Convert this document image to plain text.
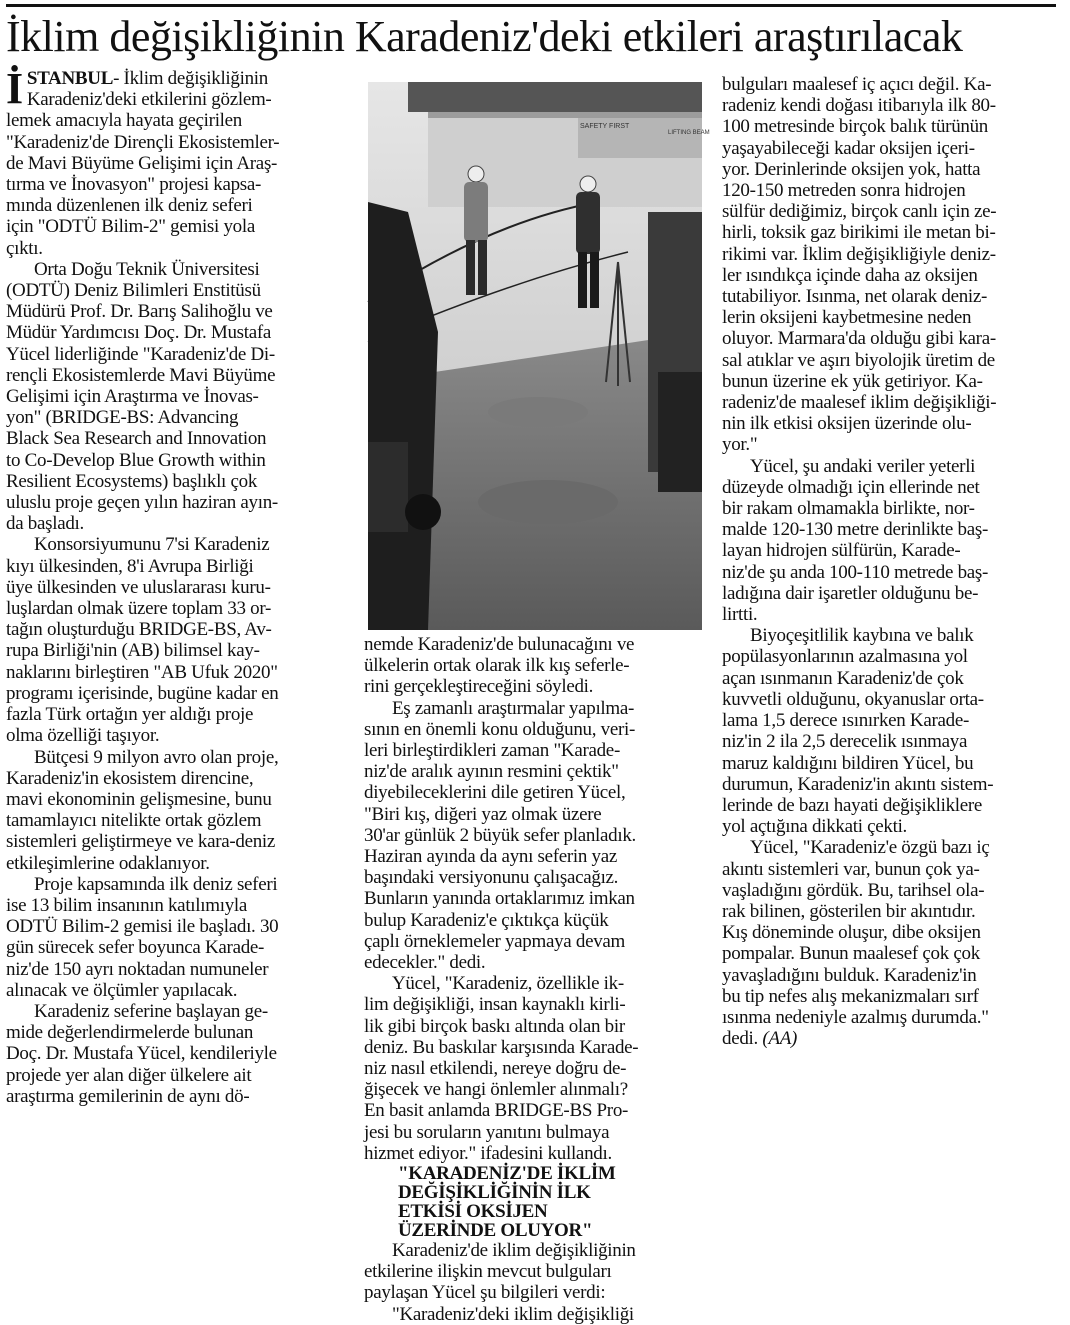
İklim değişikliğinin Karadeniz'deki etkileri araştırılacak

İSTANBUL- İklim değişikliğinin
Karadeniz'deki etkilerini gözlem-
lemek amacıyla hayata geçirilen
"Karadeniz'de Dirençli Ekosistemler-
de Mavi Büyüme Gelişimi için Araş-
tırma ve İnovasyon" projesi kapsa-
mında düzenlenen ilk deniz seferi
için "ODTÜ Bilim-2" gemisi yola
çıktı.

Orta Doğu Teknik Üniversitesi
(ODTÜ) Deniz Bilimleri Enstitüsü
Müdürü Prof. Dr. Barış Salihoğlu ve
Müdür Yardımcısı Doç. Dr. Mustafa
Yücel liderliğinde "Karadeniz'de Di-
rençli Ekosistemlerde Mavi Büyüme
Gelişimi için Araştırma ve İnovas-
yon" (BRIDGE-BS: Advancing
Black Sea Research and Innovation
to Co-Develop Blue Growth within
Resilient Ecosystems) başlıklı çok
uluslu proje geçen yılın haziran ayın-
da başladı.

Konsorsiyumunu 7'si Karadeniz
kıyı ülkesinden, 8'i Avrupa Birliği
üye ülkesinden ve uluslararası kuru-
luşlardan olmak üzere toplam 33 or-
tağın oluşturduğu BRIDGE-BS, Av-
rupa Birliği'nin (AB) bilimsel kay-
naklarını birleştiren "AB Ufuk 2020"
programı içerisinde, bugüne kadar en
fazla Türk ortağın yer aldığı proje
olma özelliği taşıyor.

Bütçesi 9 milyon avro olan proje,
Karadeniz'in ekosistem direncine,
mavi ekonominin gelişmesine, bunu
tamamlayıcı nitelikte ortak gözlem
sistemleri geliştirmeye ve kara-deniz
etkileşimlerine odaklanıyor.

Proje kapsamında ilk deniz seferi
ise 13 bilim insanının katılımıyla
ODTÜ Bilim-2 gemisi ile başladı. 30
gün sürecek sefer boyunca Karade-
niz'de 150 ayrı noktadan numuneler
alınacak ve ölçümler yapılacak.

Karadeniz seferine başlayan ge-
mide değerlendirmelerde bulunan
Doç. Dr. Mustafa Yücel, kendileriyle
projede yer alan diğer ülkelere ait
araştırma gemilerinin de aynı dö-

SAFETY FIRST
LIFTING BEAM

nemde Karadeniz'de bulunacağını ve
ülkelerin ortak olarak ilk kış seferle-
rini gerçekleştireceğini söyledi.

Eş zamanlı araştırmalar yapılma-
sının en önemli konu olduğunu, veri-
leri birleştirdikleri zaman "Karade-
niz'de aralık ayının resmini çektik"
diyebileceklerini dile getiren Yücel,
"Biri kış, diğeri yaz olmak üzere
30'ar günlük 2 büyük sefer planladık.
Haziran ayında da aynı seferin yaz
başındaki versiyonunu çalışacağız.
Bunların yanında ortaklarımız imkan
bulup Karadeniz'e çıktıkça küçük
çaplı örneklemeler yapmaya devam
edecekler." dedi.

Yücel, "Karadeniz, özellikle ik-
lim değişikliği, insan kaynaklı kirli-
lik gibi birçok baskı altında olan bir
deniz. Bu baskılar karşısında Karade-
niz nasıl etkilendi, nereye doğru de-
ğişecek ve hangi önlemler alınmalı?
En basit anlamda BRIDGE-BS Pro-
jesi bu soruların yanıtını bulmaya
hizmet ediyor." ifadesini kullandı.

"KARADENİZ'DE İKLİM
DEĞİŞİKLİĞİNİN İLK
ETKİSİ OKSİJEN
ÜZERİNDE OLUYOR"

Karadeniz'de iklim değişikliğinin
etkilerine ilişkin mevcut bulguları
paylaşan Yücel şu bilgileri verdi:

"Karadeniz'deki iklim değişikliği

bulguları maalesef iç açıcı değil. Ka-
radeniz kendi doğası itibarıyla ilk 80-
100 metresinde birçok balık türünün
yaşayabileceği kadar oksijen içeri-
yor. Derinlerinde oksijen yok, hatta
120-150 metreden sonra hidrojen
sülfür dediğimiz, birçok canlı için ze-
hirli, toksik gaz birikimi ile metan bi-
rikimi var. İklim değişikliğiyle deniz-
ler ısındıkça içinde daha az oksijen
tutabiliyor. Isınma, net olarak deniz-
lerin oksijeni kaybetmesine neden
oluyor. Marmara'da olduğu gibi kara-
sal atıklar ve aşırı biyolojik üretim de
bunun üzerine ek yük getiriyor. Ka-
radeniz'de maalesef iklim değişikliği-
nin ilk etkisi oksijen üzerinde olu-
yor."

Yücel, şu andaki veriler yeterli
düzeyde olmadığı için ellerinde net
bir rakam olmamakla birlikte, nor-
malde 120-130 metre derinlikte baş-
layan hidrojen sülfürün, Karade-
niz'de şu anda 100-110 metrede baş-
ladığına dair işaretler olduğunu be-
lirtti.

Biyoçeşitlilik kaybına ve balık
popülasyonlarının azalmasına yol
açan ısınmanın Karadeniz'de çok
kuvvetli olduğunu, okyanuslar orta-
lama 1,5 derece ısınırken Karade-
niz'in 2 ila 2,5 derecelik ısınmaya
maruz kaldığını bildiren Yücel, bu
durumun, Karadeniz'in akıntı sistem-
lerinde de bazı hayati değişikliklere
yol açtığına dikkati çekti.

Yücel, "Karadeniz'e özgü bazı iç
akıntı sistemleri var, bunun çok ya-
vaşladığını gördük. Bu, tarihsel ola-
rak bilinen, gösterilen bir akıntıdır.
Kış döneminde oluşur, dibe oksijen
pompalar. Bunun maalesef çok çok
yavaşladığını bulduk. Karadeniz'in
bu tip nefes alış mekanizmaları sırf
ısınma nedeniyle azalmış durumda."
dedi. (AA)
